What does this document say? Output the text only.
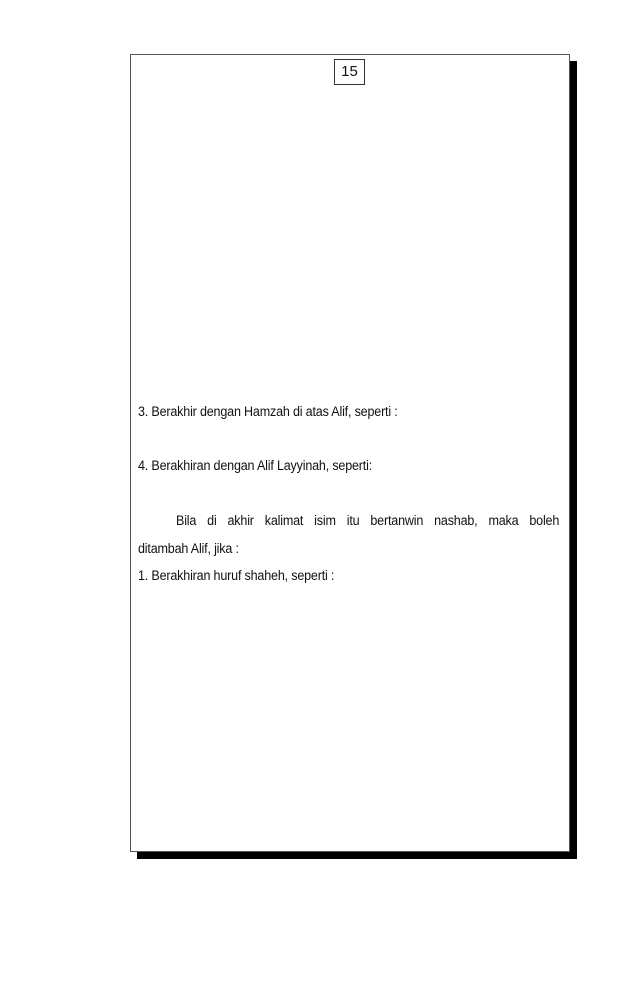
15
3. Berakhir dengan Hamzah di atas Alif, seperti :
4. Berakhiran dengan Alif Layyinah, seperti:
Bila di akhir kalimat isim itu bertanwin nashab, maka boleh
ditambah Alif, jika :
1. Berakhiran huruf shaheh, seperti :
